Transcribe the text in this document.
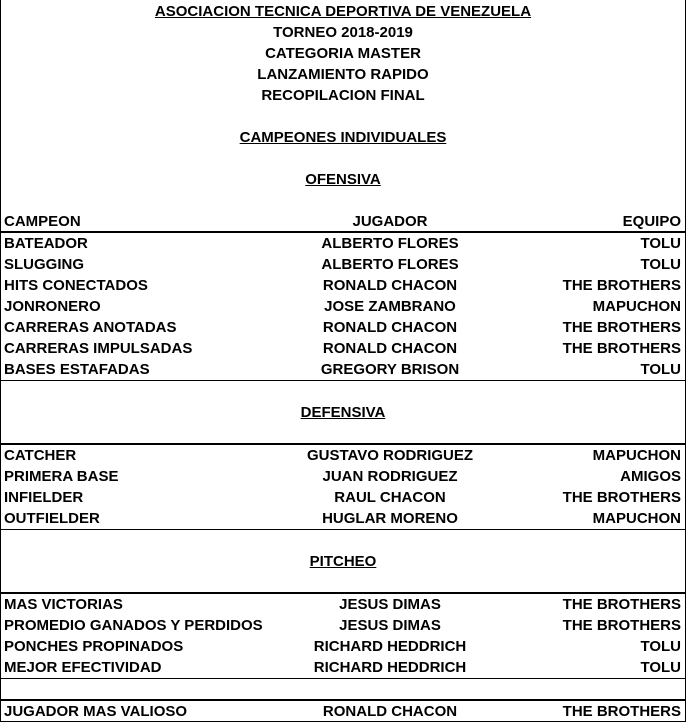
ASOCIACION TECNICA DEPORTIVA DE VENEZUELA
TORNEO 2018-2019
CATEGORIA MASTER
LANZAMIENTO RAPIDO
RECOPILACION FINAL
CAMPEONES INDIVIDUALES
OFENSIVA
CAMPEON	JUGADOR	EQUIPO
BATEADOR	ALBERTO FLORES	TOLU
SLUGGING	ALBERTO FLORES	TOLU
HITS CONECTADOS	RONALD CHACON	THE BROTHERS
JONRONERO	JOSE ZAMBRANO	MAPUCHON
CARRERAS ANOTADAS	RONALD CHACON	THE BROTHERS
CARRERAS IMPULSADAS	RONALD CHACON	THE BROTHERS
BASES ESTAFADAS	GREGORY BRISON	TOLU
DEFENSIVA
CATCHER	GUSTAVO RODRIGUEZ	MAPUCHON
PRIMERA BASE	JUAN RODRIGUEZ	AMIGOS
INFIELDER	RAUL CHACON	THE BROTHERS
OUTFIELDER	HUGLAR MORENO	MAPUCHON
PITCHEO
MAS VICTORIAS	JESUS DIMAS	THE BROTHERS
PROMEDIO GANADOS Y PERDIDOS	JESUS DIMAS	THE BROTHERS
PONCHES PROPINADOS	RICHARD HEDDRICH	TOLU
MEJOR EFECTIVIDAD	RICHARD HEDDRICH	TOLU
JUGADOR MAS VALIOSO	RONALD CHACON	THE BROTHERS
